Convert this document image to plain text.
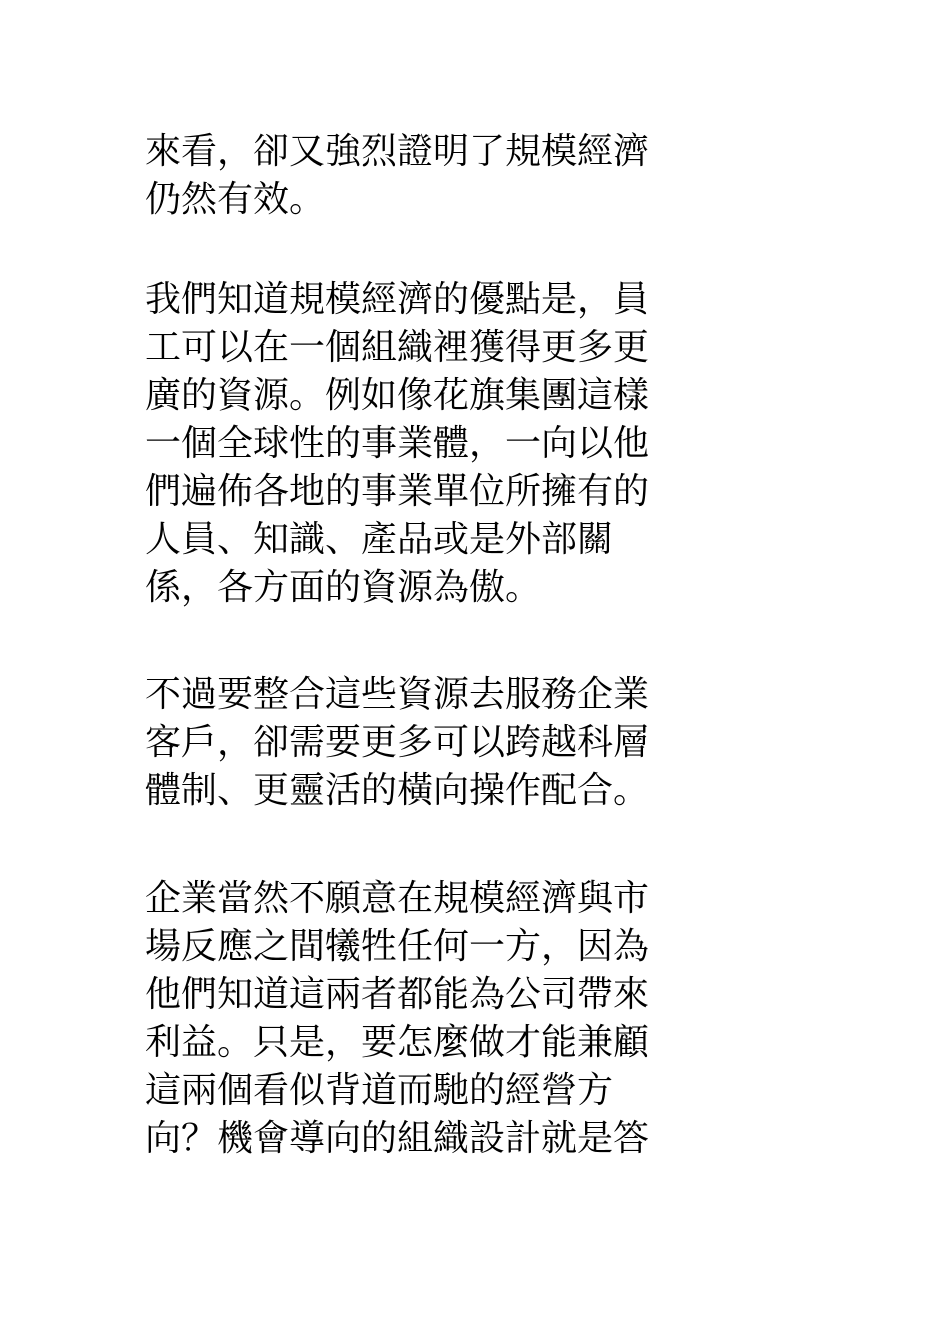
來看，卻又強烈證明了規模經濟
仍然有效。
我們知道規模經濟的優點是，員
工可以在一個組織裡獲得更多更
廣的資源。例如像花旗集團這樣
一個全球性的事業體，一向以他
們遍佈各地的事業單位所擁有的
人員、知識、產品或是外部關
係，各方面的資源為傲。
不過要整合這些資源去服務企業
客戶，卻需要更多可以跨越科層
體制、更靈活的橫向操作配合。
企業當然不願意在規模經濟與市
場反應之間犧牲任何一方，因為
他們知道這兩者都能為公司帶來
利益。只是，要怎麼做才能兼顧
這兩個看似背道而馳的經營方
向？機會導向的組織設計就是答
